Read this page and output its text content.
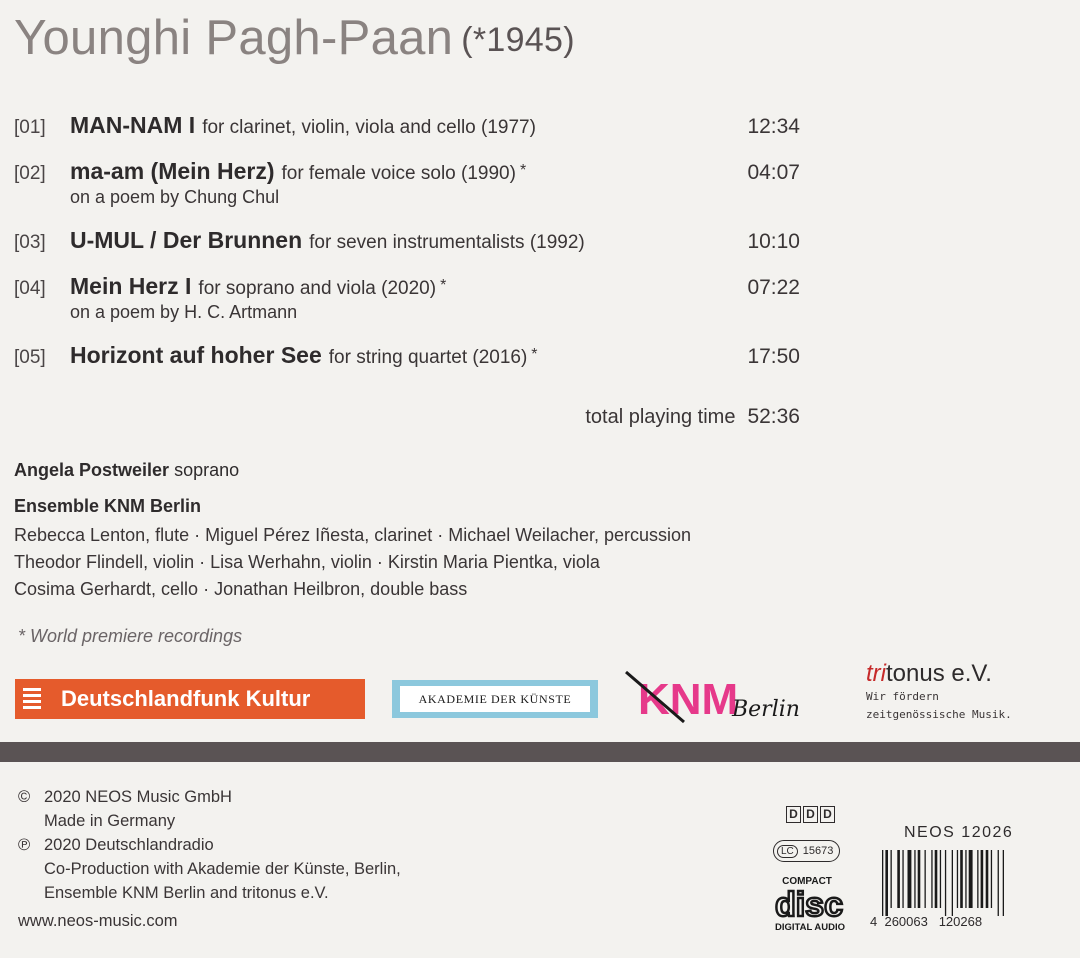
Younghi Pagh-Paan (*1945)
[01]	MAN-NAM I for clarinet, violin, viola and cello (1977)	12:34
[02]	ma-am (Mein Herz) for female voice solo (1990) *	04:07
on a poem by Chung Chul
[03]	U-MUL / Der Brunnen for seven instrumentalists (1992)	10:10
[04]	Mein Herz I for soprano and viola (2020) *	07:22
on a poem by H. C. Artmann
[05]	Horizont auf hoher See for string quartet (2016) *	17:50
total playing time 52:36
Angela Postweiler soprano
Ensemble KNM Berlin
Rebecca Lenton, flute · Miguel Pérez Iñesta, clarinet · Michael Weilacher, percussion
Theodor Flindell, violin · Lisa Werhahn, violin · Kirstin Maria Pientka, viola
Cosima Gerhardt, cello · Jonathan Heilbron, double bass
* World premiere recordings
Deutschlandfunk Kultur	AKADEMIE DER KÜNSTE	KNM
Berlin
tritonus e.V.
Wir fördern
zeitgenössische Musik.
© 2020 NEOS Music GmbH
Made in Germany
℗ 2020 Deutschlandradio
Co-Production with Akademie der Künste, Berlin,
Ensemble KNM Berlin and tritonus e.V.
www.neos-music.com
D D D
LC 15673
COMPACT
disc
DIGITAL AUDIO
NEOS 12026
4 260063 120268
